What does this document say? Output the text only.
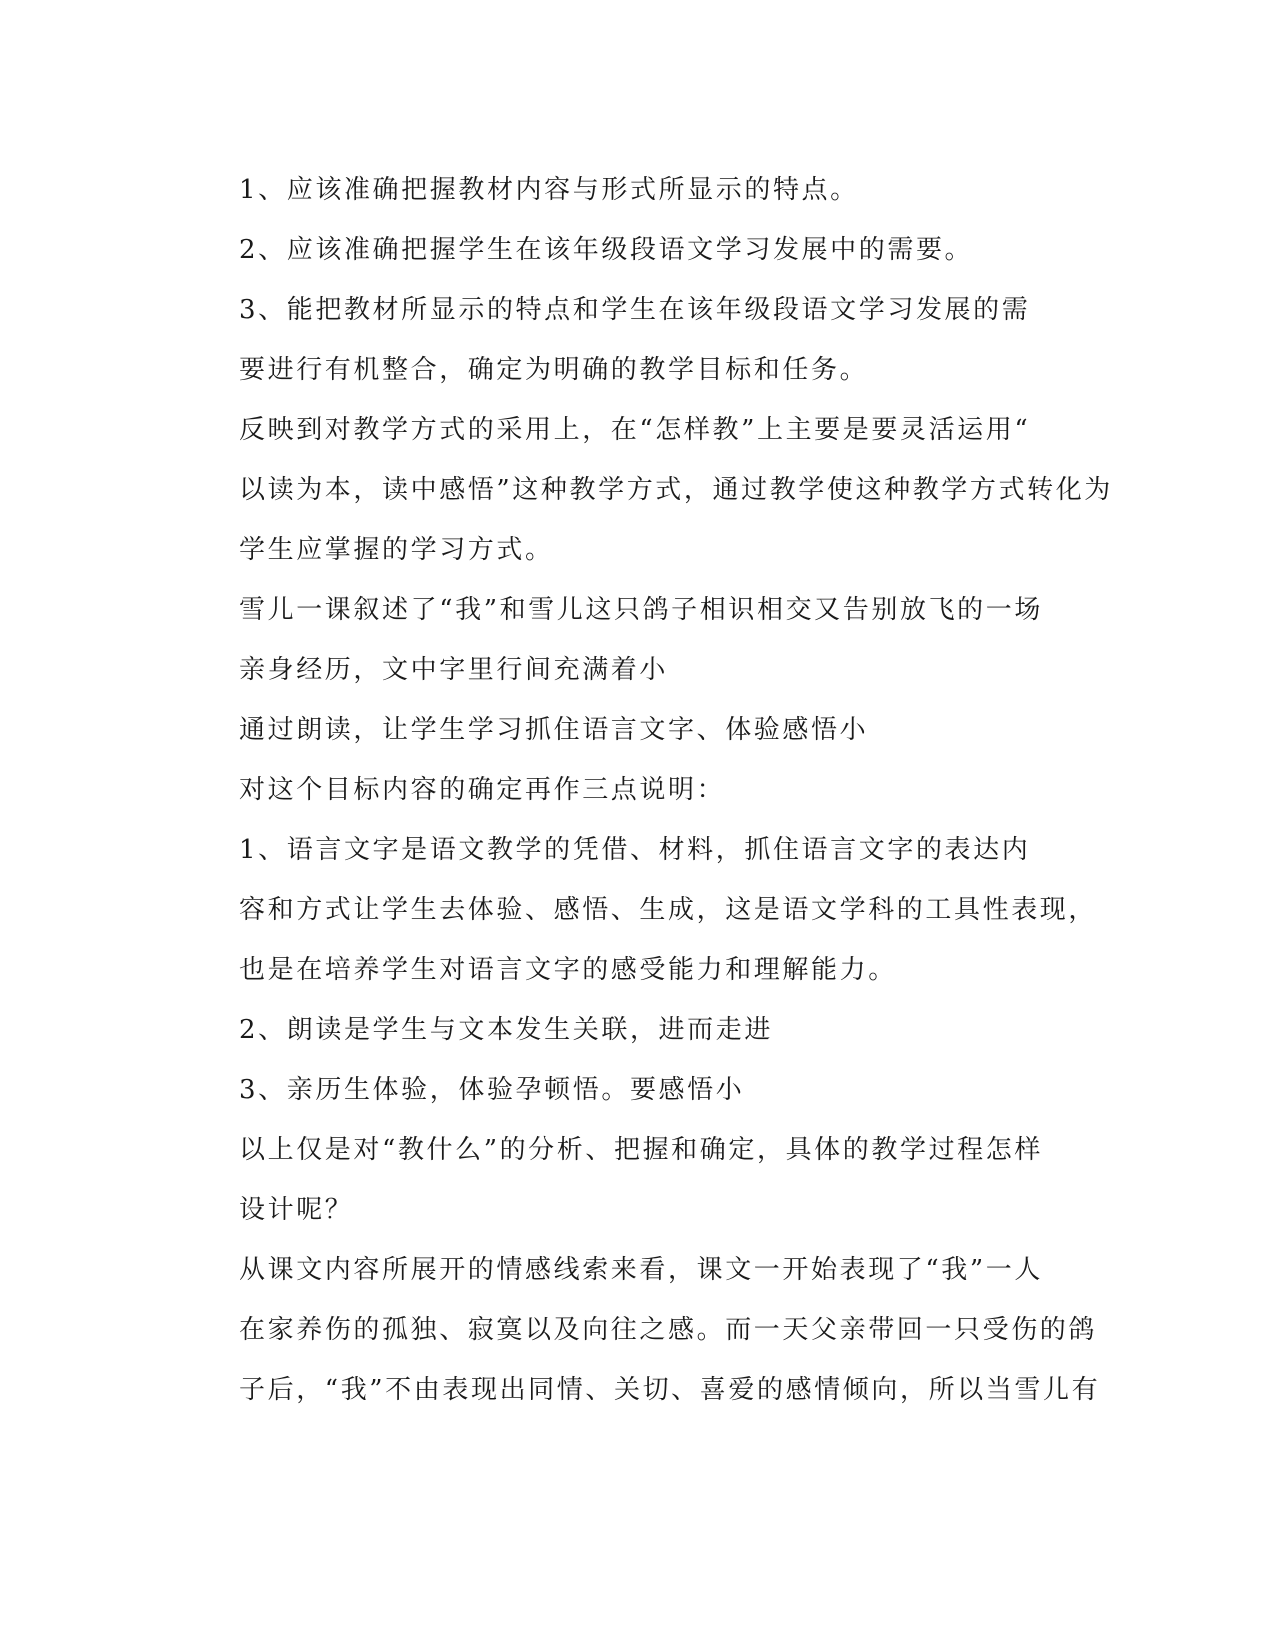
1、应该准确把握教材内容与形式所显示的特点。

2、应该准确把握学生在该年级段语文学习发展中的需要。

3、能把教材所显示的特点和学生在该年级段语文学习发展的需
要进行有机整合，确定为明确的教学目标和任务。

反映到对教学方式的采用上，在“怎样教”上主要是要灵活运用“
以读为本，读中感悟”这种教学方式，通过教学使这种教学方式转化为
学生应掌握的学习方式。

雪儿一课叙述了“我”和雪儿这只鸽子相识相交又告别放飞的一场
亲身经历，文中字里行间充满着小

通过朗读，让学生学习抓住语言文字、体验感悟小

对这个目标内容的确定再作三点说明：

1、语言文字是语文教学的凭借、材料，抓住语言文字的表达内
容和方式让学生去体验、感悟、生成，这是语文学科的工具性表现，
也是在培养学生对语言文字的感受能力和理解能力。

2、朗读是学生与文本发生关联，进而走进

3、亲历生体验，体验孕顿悟。要感悟小

以上仅是对“教什么”的分析、把握和确定，具体的教学过程怎样
设计呢？

从课文内容所展开的情感线索来看，课文一开始表现了“我”一人
在家养伤的孤独、寂寞以及向往之感。而一天父亲带回一只受伤的鸽
子后，“我”不由表现出同情、关切、喜爱的感情倾向，所以当雪儿有
